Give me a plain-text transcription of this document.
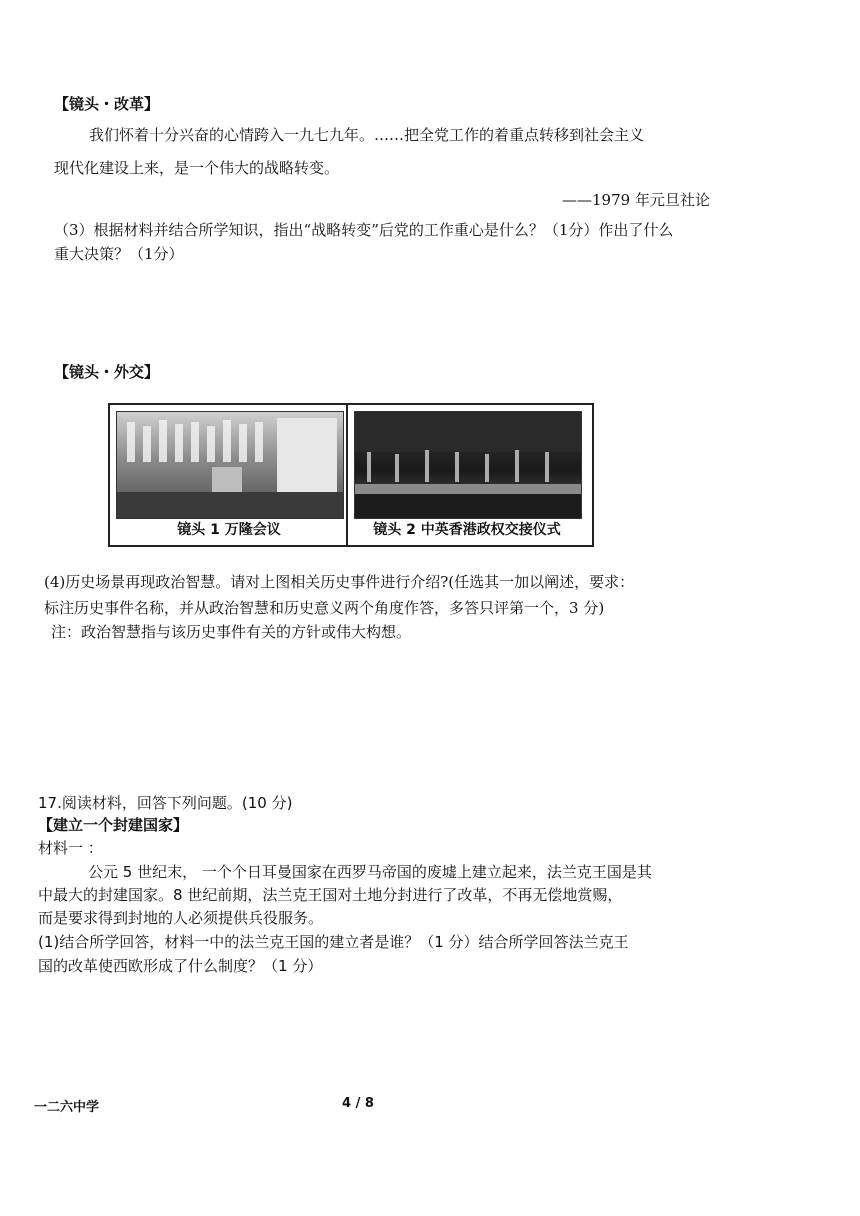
【镜头・改革】
我们怀着十分兴奋的心情跨入一九七九年。……把全党工作的着重点转移到社会主义
现代化建设上来，是一个伟大的战略转变。
——1979 年元旦社论
（3）根据材料并结合所学知识，指出“战略转变”后党的工作重心是什么？（1分）作出了什么
重大决策？（1分）
【镜头・外交】
镜头 1 万隆会议	镜头 2 中英香港政权交接仪式
(4)历史场景再现政治智慧。请对上图相关历史事件进行介绍?(任选其一加以阐述，要求：
标注历史事件名称，并从政治智慧和历史意义两个角度作答，多答只评第一个，3 分)
注：政治智慧指与该历史事件有关的方针或伟大构想。
17.阅读材料，回答下列问题。(10 分)
【建立一个封建国家】
材料一 ：
公元 5 世纪末， 一个个日耳曼国家在西罗马帝国的废墟上建立起来，法兰克王国是其
中最大的封建国家。8 世纪前期，法兰克王国对土地分封进行了改革，不再无偿地赏赐，
而是要求得到封地的人必须提供兵役服务。
(1)结合所学回答，材料一中的法兰克王国的建立者是谁？（1 分）结合所学回答法兰克王
国的改革使西欧形成了什么制度？（1 分）
一二六中学	4 / 8
